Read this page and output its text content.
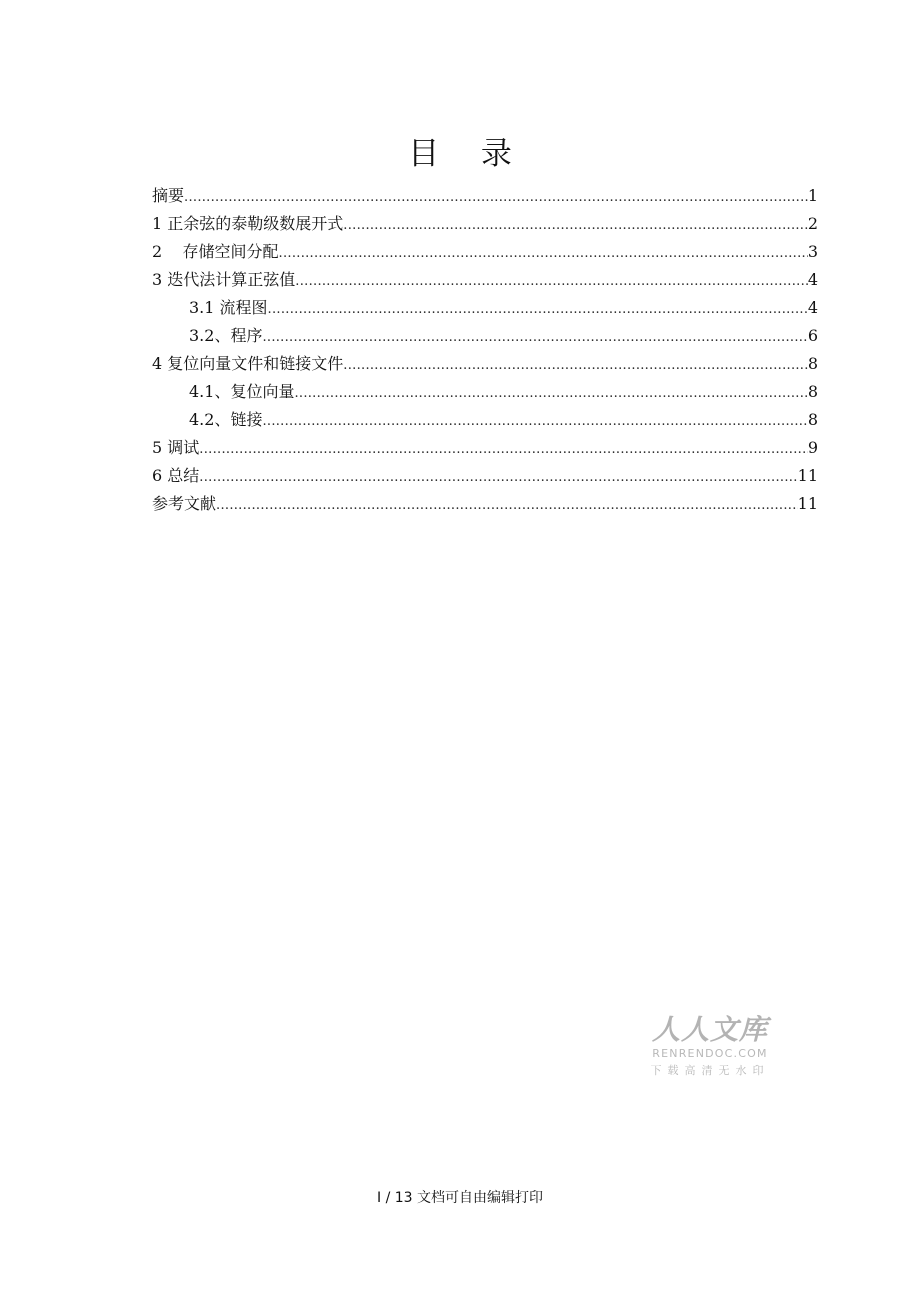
目 录
摘要 .....	1
1 正余弦的泰勒级数展开式 .....	2
2    存储空间分配 .....	3
3 迭代法计算正弦值 .....	4
3.1 流程图 .....	4
3.2、程序 .....	6
4 复位向量文件和链接文件 .....	8
4.1、复位向量 .....	8
4.2、链接 .....	8
5 调试 .....	9
6 总结 .....	11
参考文献 .....	11
人人文库
RENRENDOC.COM
下载高清无水印
I / 13 文档可自由编辑打印
